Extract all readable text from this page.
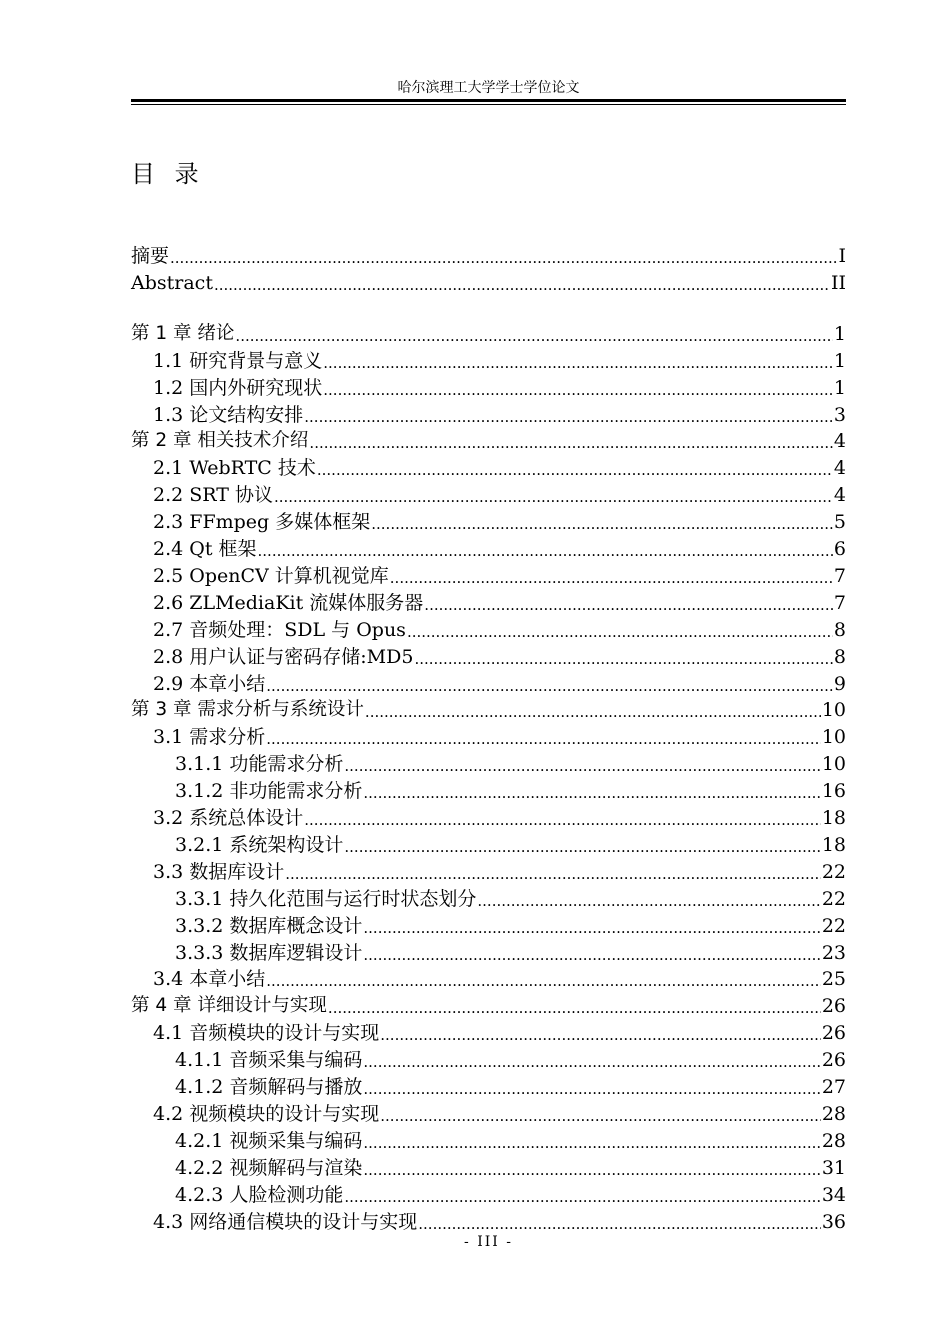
哈尔滨理工大学学士学位论文
目 录
摘要 .....	I
Abstract .....	II
第 1 章 绪论 .....	1
1.1 研究背景与意义 .....	1
1.2 国内外研究现状 .....	1
1.3 论文结构安排 .....	3
第 2 章 相关技术介绍 .....	4
2.1 WebRTC 技术 .....	4
2.2 SRT 协议 .....	4
2.3 FFmpeg 多媒体框架 .....	5
2.4 Qt 框架 .....	6
2.5 OpenCV 计算机视觉库 .....	7
2.6 ZLMediaKit 流媒体服务器 .....	7
2.7 音频处理：SDL 与 Opus .....	8
2.8 用户认证与密码存储:MD5 .....	8
2.9 本章小结 .....	9
第 3 章 需求分析与系统设计 .....	10
3.1 需求分析 .....	10
3.1.1 功能需求分析 .....	10
3.1.2 非功能需求分析 .....	16
3.2 系统总体设计 .....	18
3.2.1 系统架构设计 .....	18
3.3 数据库设计 .....	22
3.3.1 持久化范围与运行时状态划分 .....	22
3.3.2 数据库概念设计 .....	22
3.3.3 数据库逻辑设计 .....	23
3.4 本章小结 .....	25
第 4 章 详细设计与实现 .....	26
4.1 音频模块的设计与实现 .....	26
4.1.1 音频采集与编码 .....	26
4.1.2 音频解码与播放 .....	27
4.2 视频模块的设计与实现 .....	28
4.2.1 视频采集与编码 .....	28
4.2.2 视频解码与渲染 .....	31
4.2.3 人脸检测功能 .....	34
4.3 网络通信模块的设计与实现 .....	36
- III -
